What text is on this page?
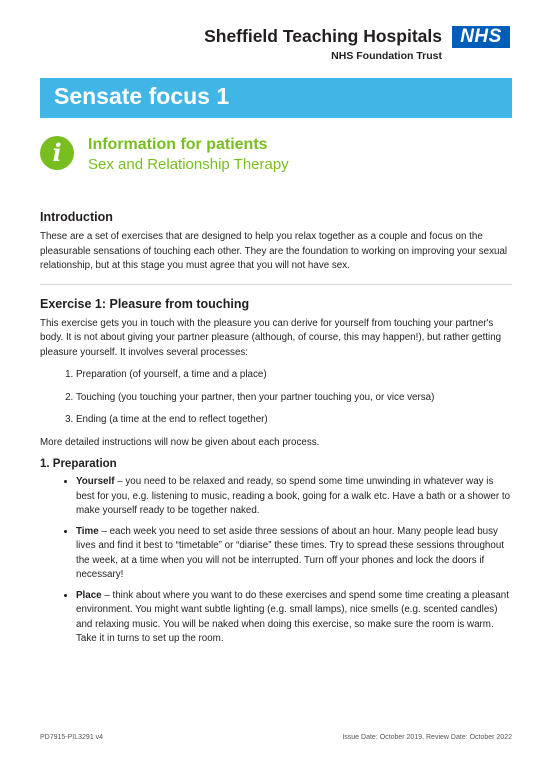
Sheffield Teaching Hospitals
NHS Foundation Trust
NHS
Sensate focus 1
i	Information for patients
Sex and Relationship Therapy
Introduction

These are a set of exercises that are designed to help you relax together as a couple and focus on the pleasurable sensations of touching each other. They are the foundation to working on improving your sexual relationship, but at this stage you must agree that you will not have sex.

Exercise 1: Pleasure from touching

This exercise gets you in touch with the pleasure you can derive for yourself from touching your partner's body. It is not about giving your partner pleasure (although, of course, this may happen!), but rather getting pleasure yourself. It involves several processes:

1. Preparation (of yourself, a time and a place)
2. Touching (you touching your partner, then your partner touching you, or vice versa)
3. Ending (a time at the end to reflect together)

More detailed instructions will now be given about each process.

1. Preparation
• Yourself – you need to be relaxed and ready, so spend some time unwinding in whatever way is best for you, e.g. listening to music, reading a book, going for a walk etc. Have a bath or a shower to make yourself ready to be together naked.
• Time – each week you need to set aside three sessions of about an hour. Many people lead busy lives and find it best to “timetable” or “diarise” these times. Try to spread these sessions throughout the week, at a time when you will not be interrupted. Turn off your phones and lock the doors if necessary!
• Place – think about where you want to do these exercises and spend some time creating a pleasant environment. You might want subtle lighting (e.g. small lamps), nice smells (e.g. scented candles) and relaxing music. You will be naked when doing this exercise, so make sure the room is warm. Take it in turns to set up the room.
PD7915-PIL3291 v4	Issue Date: October 2019. Review Date: October 2022
